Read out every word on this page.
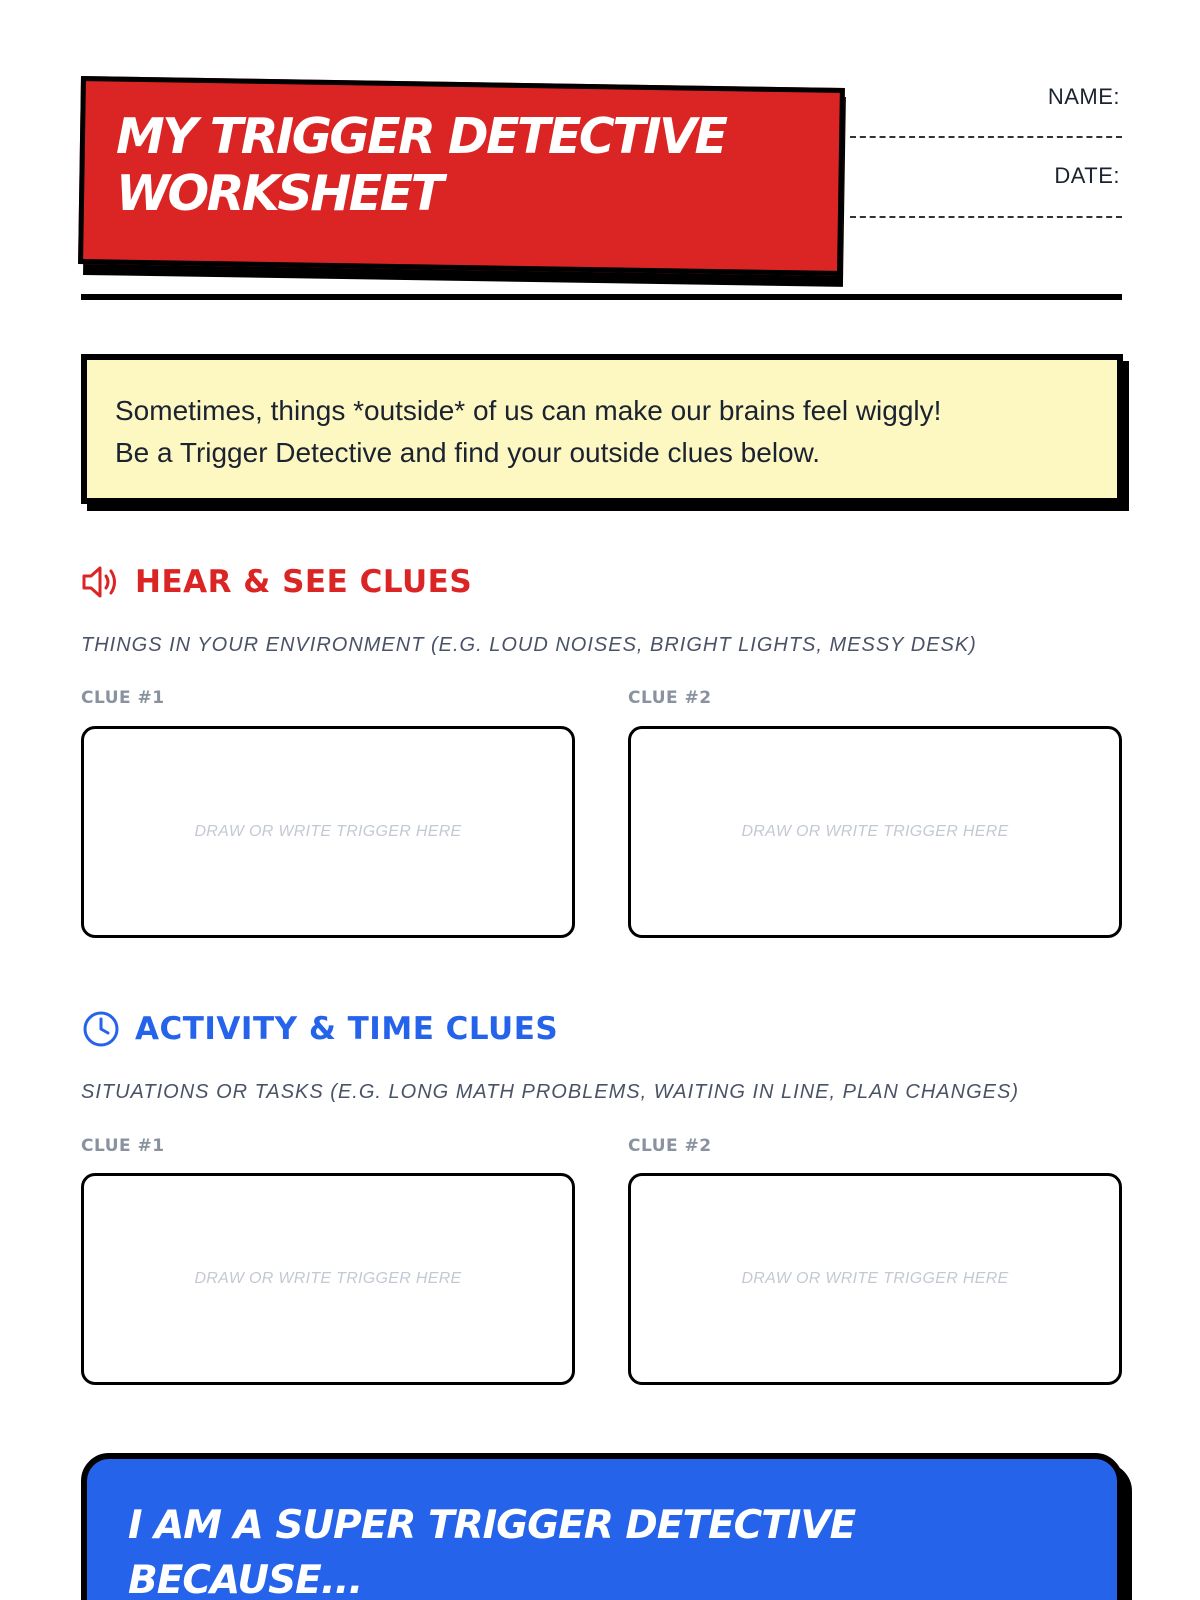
MY TRIGGER DETECTIVE
WORKSHEET
NAME:
DATE:
Sometimes, things *outside* of us can make our brains feel wiggly!
Be a Trigger Detective and find your outside clues below.
HEAR & SEE CLUES
THINGS IN YOUR ENVIRONMENT (E.G. LOUD NOISES, BRIGHT LIGHTS, MESSY DESK)
CLUE #1
DRAW OR WRITE TRIGGER HERE
CLUE #2
DRAW OR WRITE TRIGGER HERE
ACTIVITY & TIME CLUES
SITUATIONS OR TASKS (E.G. LONG MATH PROBLEMS, WAITING IN LINE, PLAN CHANGES)
CLUE #1
DRAW OR WRITE TRIGGER HERE
CLUE #2
DRAW OR WRITE TRIGGER HERE
I AM A SUPER TRIGGER DETECTIVE
BECAUSE...
